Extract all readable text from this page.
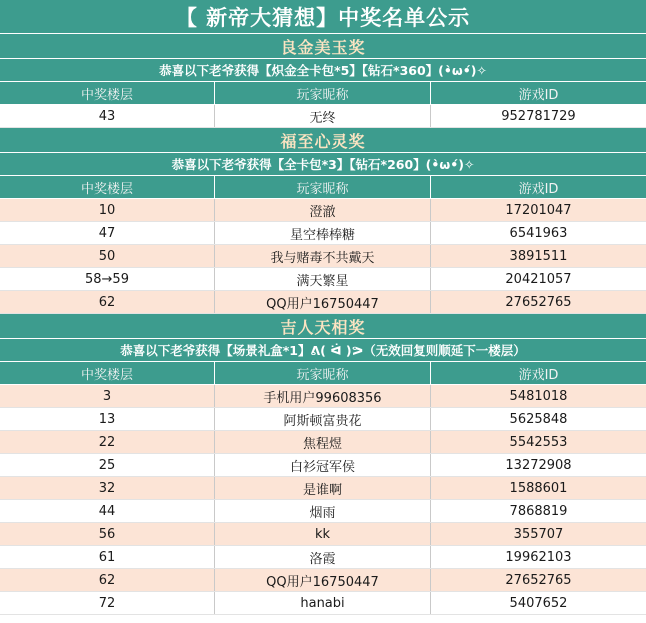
【 新帝大猜想】中奖名单公示
良金美玉奖
恭喜以下老爷获得【炽金全卡包*5】【钻石*360】(•̀ω•́)✧
中奖楼层	玩家昵称	游戏ID
43	无终	952781729
福至心灵奖
恭喜以下老爷获得【全卡包*3】【钻石*260】(•̀ω•́)✧
中奖楼层	玩家昵称	游戏ID
10	澄澈	17201047
47	星空棒棒糖	6541963
50	我与赌毒不共戴天	3891511
58→59	满天繁星	20421057
62	QQ用户16750447	27652765
吉人天相奖
恭喜以下老爷获得【场景礼盒*1】ᕕ( ᐛ )ᕗ（无效回复则顺延下一楼层）
中奖楼层	玩家昵称	游戏ID
3	手机用户99608356	5481018
13	阿斯顿富贵花	5625848
22	焦程煜	5542553
25	白衫冠军侯	13272908
32	是谁啊	1588601
44	烟雨	7868819
56	kk	355707
61	洛霞	19962103
62	QQ用户16750447	27652765
72	hanabi	5407652
